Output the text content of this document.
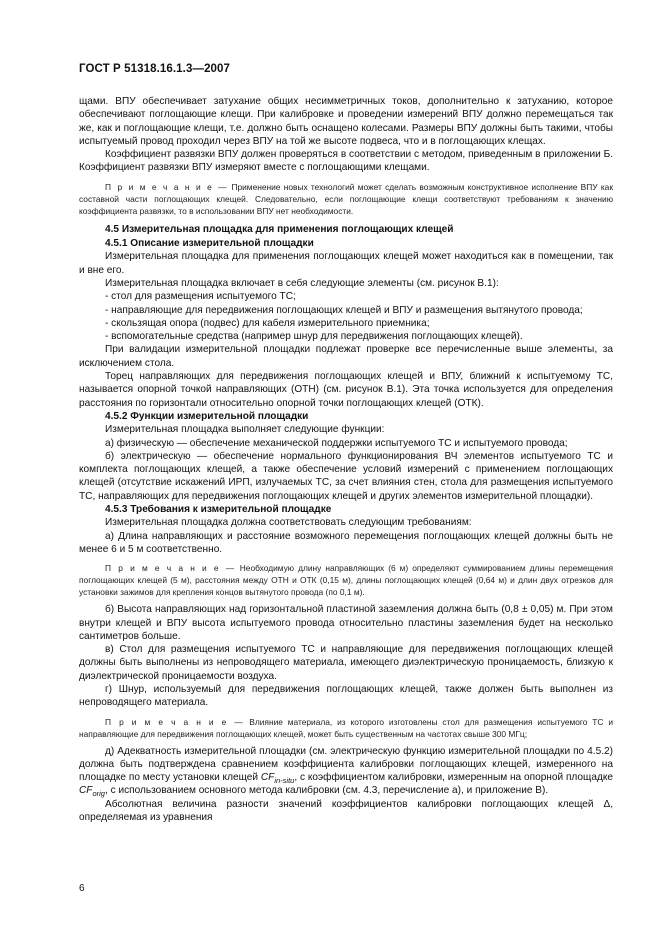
ГОСТ Р 51318.16.1.3—2007

щами. ВПУ обеспечивает затухание общих несимметричных токов, дополнительно к затуханию, которое обеспечивают поглощающие клещи. При калибровке и проведении измерений ВПУ должно перемещаться так же, как и поглощающие клещи, т.е. должно быть оснащено колесами. Размеры ВПУ должны быть такими, чтобы испытуемый провод проходил через ВПУ на той же высоте подвеса, что и в поглощающих клещах.

Коэффициент развязки ВПУ должен проверяться в соответствии с методом, приведенным в приложении Б. Коэффициент развязки ВПУ измеряют вместе с поглощающими клещами.

П р и м е ч а н и е — Применение новых технологий может сделать возможным конструктивное исполнение ВПУ как составной части поглощающих клещей. Следовательно, если поглощающие клещи соответствуют требованиям к значению коэффициента развязки, то в использовании ВПУ нет необходимости.

4.5 Измерительная площадка для применения поглощающих клещей

4.5.1 Описание измерительной площадки

Измерительная площадка для применения поглощающих клещей может находиться как в помещении, так и вне его.

Измерительная площадка включает в себя следующие элементы (см. рисунок В.1):

- стол для размещения испытуемого ТС;

- направляющие для передвижения поглощающих клещей и ВПУ и размещения вытянутого провода;

- скользящая опора (подвес) для кабеля измерительного приемника;

- вспомогательные средства (например шнур для передвижения поглощающих клещей).

При валидации измерительной площадки подлежат проверке все перечисленные выше элементы, за исключением стола.

Торец направляющих для передвижения поглощающих клещей и ВПУ, ближний к испытуемому ТС, называется опорной точкой направляющих (ОТН) (см. рисунок В.1). Эта точка используется для определения расстояния по горизонтали относительно опорной точки поглощающих клещей (ОТК).

4.5.2 Функции измерительной площадки

Измерительная площадка выполняет следующие функции:

а) физическую — обеспечение механической поддержки испытуемого ТС и испытуемого провода;

б) электрическую — обеспечение нормального функционирования ВЧ элементов испытуемого ТС и комплекта поглощающих клещей, а также обеспечение условий измерений с применением поглощающих клещей (отсутствие искажений ИРП, излучаемых ТС, за счет влияния стен, стола для размещения испытуемого ТС, направляющих для передвижения поглощающих клещей и других элементов измерительной площадки).

4.5.3 Требования к измерительной площадке

Измерительная площадка должна соответствовать следующим требованиям:

а) Длина направляющих и расстояние возможного перемещения поглощающих клещей должны быть не менее 6 и 5 м соответственно.

П р и м е ч а н и е — Необходимую длину направляющих (6 м) определяют суммированием длины перемещения поглощающих клещей (5 м), расстояния между ОТН и ОТК (0,15 м), длины поглощающих клещей (0,64 м) и длин двух отрезков для установки зажимов для крепления концов вытянутого провода (по 0,1 м).

б) Высота направляющих над горизонтальной пластиной заземления должна быть (0,8 ± 0,05) м. При этом внутри клещей и ВПУ высота испытуемого провода относительно пластины заземления будет на несколько сантиметров больше.

в) Стол для размещения испытуемого ТС и направляющие для передвижения поглощающих клещей должны быть выполнены из непроводящего материала, имеющего диэлектрическую проницаемость, близкую к диэлектрической проницаемости воздуха.

г) Шнур, используемый для передвижения поглощающих клещей, также должен быть выполнен из непроводящего материала.

П р и м е ч а н и е — Влияние материала, из которого изготовлены стол для размещения испытуемого ТС и направляющие для передвижения поглощающих клещей, может быть существенным на частотах свыше 300 МГц;

д) Адекватность измерительной площадки (см. электрическую функцию измерительной площадки по 4.5.2) должна быть подтверждена сравнением коэффициента калибровки поглощающих клещей, измеренного на площадке по месту установки клещей $CF_{in-situ}$, с коэффициентом калибровки, измеренным на опорной площадке $CF_{orig}$, с использованием основного метода калибровки (см. 4.3, перечисление а), и приложение В).

Абсолютная величина разности значений коэффициентов калибровки поглощающих клещей Δ, определяемая из уравнения

6
